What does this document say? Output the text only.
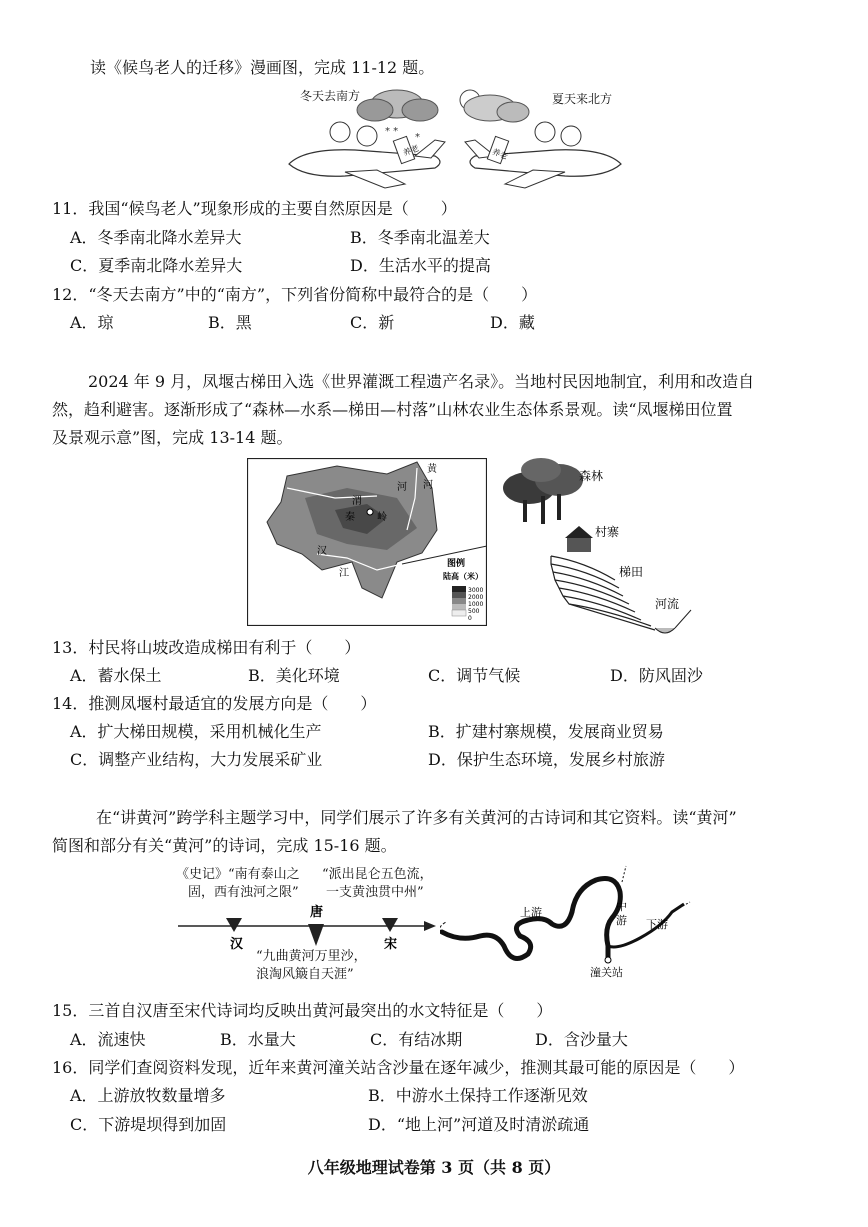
读《候鸟老人的迁移》漫画图，完成 11-12 题。
* *
*
养老	养老
冬天去南方	夏天来北方
11．我国“候鸟老人”现象形成的主要自然原因是（　　）
A．冬季南北降水差异大	B．冬季南北温差大
C．夏季南北降水差异大	D．生活水平的提高
12．“冬天去南方”中的“南方”，下列省份简称中最符合的是（　　）
A．琼	B．黑	C．新	D．藏
2024 年 9 月，凤堰古梯田入选《世界灌溉工程遗产名录》。当地村民因地制宜，利用和改造自
然，趋利避害。逐渐形成了“森林—水系—梯田—村落”山林农业生态体系景观。读“凤堰梯田位置
及景观示意”图，完成 13-14 题。
渭
河
秦 岭
黄
河
汉
江
图例
陆高（米）
3000
2000
1000
500
0
森林
村寨
梯田
河流
13．村民将山坡改造成梯田有利于（　　）
A．蓄水保土	B．美化环境	C．调节气候	D．防风固沙
14．推测凤堰村最适宜的发展方向是（　　）
A．扩大梯田规模，采用机械化生产	B．扩建村寨规模，发展商业贸易
C．调整产业结构，大力发展采矿业	D．保护生态环境，发展乡村旅游
在“讲黄河”跨学科主题学习中，同学们展示了许多有关黄河的古诗词和其它资料。读“黄河”
简图和部分有关“黄河”的诗词，完成 15-16 题。
汉
唐
宋
《史记》“南有泰山之
固，西有浊河之限”
“派出昆仑五色流，
一支黄浊贯中州”
“九曲黄河万里沙，
浪淘风簸自天涯”
上游	中
游 下游
潼关站
15．三首自汉唐至宋代诗词均反映出黄河最突出的水文特征是（　　）
A．流速快	B．水量大	C．有结冰期	D．含沙量大
16．同学们查阅资料发现，近年来黄河潼关站含沙量在逐年减少，推测其最可能的原因是（　　）
A．上游放牧数量增多	B．中游水土保持工作逐渐见效
C．下游堤坝得到加固	D．“地上河”河道及时清淤疏通
八年级地理试卷第 3 页（共 8 页）
